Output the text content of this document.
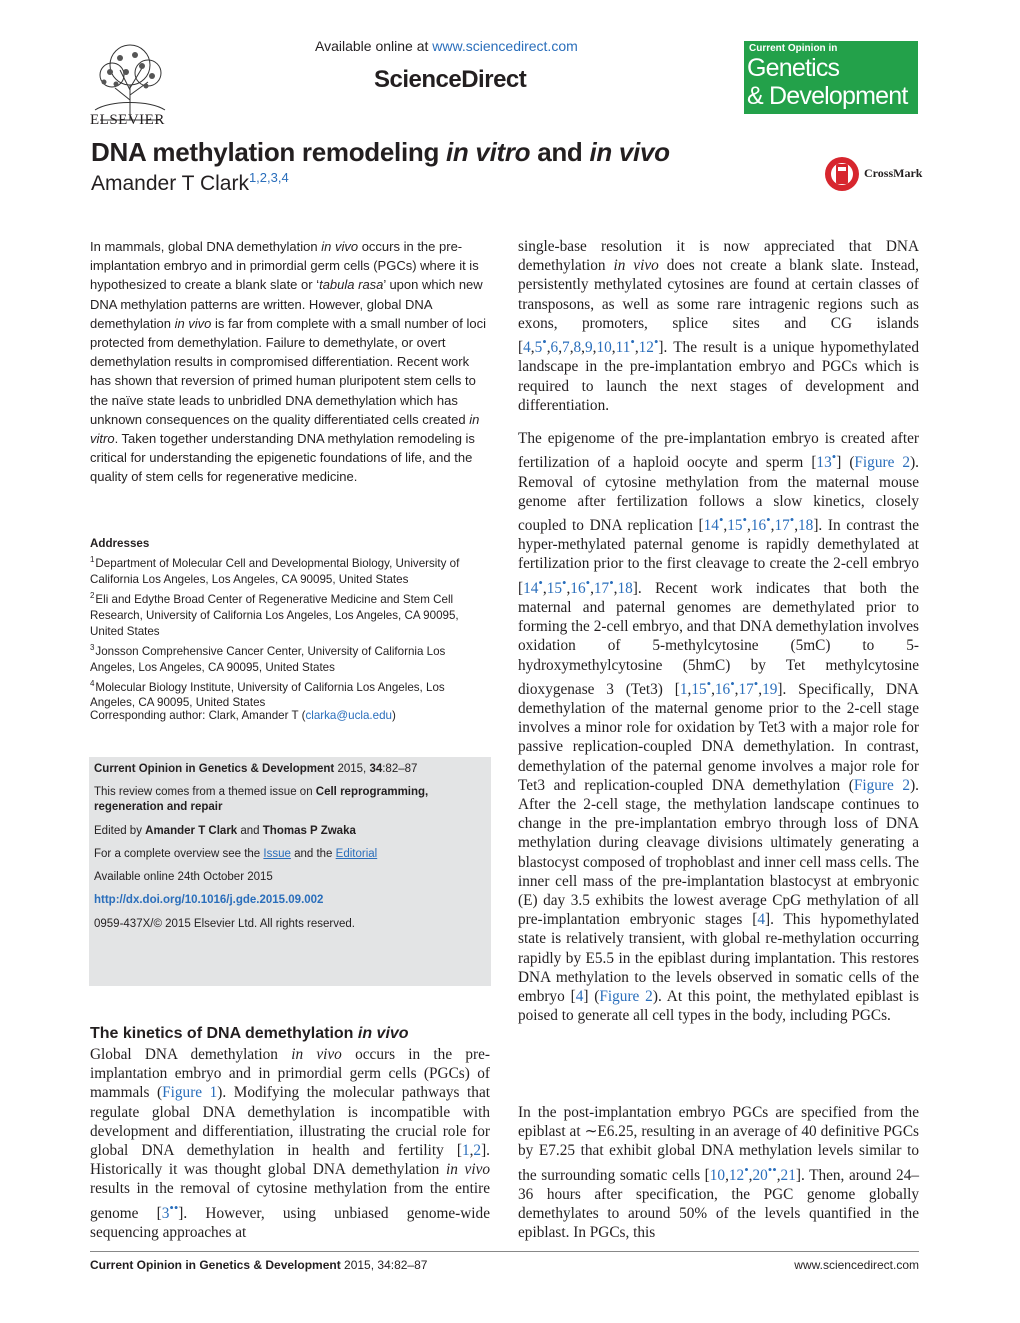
ELSEVIER
Available online at www.sciencedirect.com
ScienceDirect
Current Opinion in
Genetics
& Development
DNA methylation remodeling in vitro and in vivo
Amander T Clark$^{1,2,3,4}$	CrossMark
In mammals, global DNA demethylation in vivo occurs in the pre-implantation embryo and in primordial germ cells (PGCs) where it is hypothesized to create a blank slate or ‘tabula rasa’ upon which new DNA methylation patterns are written. However, global DNA demethylation in vivo is far from complete with a small number of loci protected from demethylation. Failure to demethylate, or overt demethylation results in compromised differentiation. Recent work has shown that reversion of primed human pluripotent stem cells to the naïve state leads to unbridled DNA demethylation which has unknown consequences on the quality differentiated cells created in vitro. Taken together understanding DNA methylation remodeling is critical for understanding the epigenetic foundations of life, and the quality of stem cells for regenerative medicine.
Addresses

$^1$ Department of Molecular Cell and Developmental Biology, University of California Los Angeles, Los Angeles, CA 90095, United States

$^2$ Eli and Edythe Broad Center of Regenerative Medicine and Stem Cell Research, University of California Los Angeles, Los Angeles, CA 90095, United States

$^3$ Jonsson Comprehensive Cancer Center, University of California Los Angeles, Los Angeles, CA 90095, United States

$^4$ Molecular Biology Institute, University of California Los Angeles, Los Angeles, CA 90095, United States

Corresponding author: Clark, Amander T (clarka@ucla.edu)
Current Opinion in Genetics & Development 2015, 34:82–87
This review comes from a themed issue on Cell reprogramming, regeneration and repair
Edited by Amander T Clark and Thomas P Zwaka
For a complete overview see the Issue and the Editorial
Available online 24th October 2015
http://dx.doi.org/10.1016/j.gde.2015.09.002
0959-437X/© 2015 Elsevier Ltd. All rights reserved.
The kinetics of DNA demethylation in vivo

Global DNA demethylation in vivo occurs in the pre-implantation embryo and in primordial germ cells (PGCs) of mammals (Figure 1). Modifying the molecular pathways that regulate global DNA demethylation is incompatible with development and differentiation, illustrating the crucial role for global DNA demethylation in health and fertility [1,2]. Historically it was thought global DNA demethylation in vivo results in the removal of cytosine methylation from the entire genome [3••]. However, using unbiased genome-wide sequencing approaches at

single-base resolution it is now appreciated that DNA demethylation in vivo does not create a blank slate. Instead, persistently methylated cytosines are found at certain classes of transposons, as well as some rare intragenic regions such as exons, promoters, splice sites and CG islands [4,5•,6,7,8,9,10,11•,12•]. The result is a unique hypomethylated landscape in the pre-implantation embryo and PGCs which is required to launch the next stages of development and differentiation.

The epigenome of the pre-implantation embryo is created after fertilization of a haploid oocyte and sperm [13•] (Figure 2). Removal of cytosine methylation from the maternal mouse genome after fertilization follows a slow kinetics, closely coupled to DNA replication [14•,15•,16•,17•,18]. In contrast the hyper-methylated paternal genome is rapidly demethylated at fertilization prior to the first cleavage to create the 2-cell embryo [14•,15•,16•,17•,18]. Recent work indicates that both the maternal and paternal genomes are demethylated prior to forming the 2-cell embryo, and that DNA demethylation involves oxidation of 5-methylcytosine (5mC) to 5-hydroxymethylcytosine (5hmC) by Tet methylcytosine dioxygenase 3 (Tet3) [1,15•,16•,17•,19]. Specifically, DNA demethylation of the maternal genome prior to the 2-cell stage involves a minor role for oxidation by Tet3 with a major role for passive replication-coupled DNA demethylation. In contrast, demethylation of the paternal genome involves a major role for Tet3 and replication-coupled DNA demethylation (Figure 2). After the 2-cell stage, the methylation landscape continues to change in the pre-implantation embryo through loss of DNA methylation during cleavage divisions ultimately generating a blastocyst composed of trophoblast and inner cell mass cells. The inner cell mass of the pre-implantation blastocyst at embryonic (E) day 3.5 exhibits the lowest average CpG methylation of all pre-implantation embryonic stages [4]. This hypomethylated state is relatively transient, with global re-methylation occurring rapidly by E5.5 in the epiblast during implantation. This restores DNA methylation to the levels observed in somatic cells of the embryo [4] (Figure 2). At this point, the methylated epiblast is poised to generate all cell types in the body, including PGCs.

In the post-implantation embryo PGCs are specified from the epiblast at ∼E6.25, resulting in an average of 40 definitive PGCs by E7.25 that exhibit global DNA methylation levels similar to the surrounding somatic cells [10,12•,20••,21]. Then, around 24–36 hours after specification, the PGC genome globally demethylates to around 50% of the levels quantified in the epiblast. In PGCs, this

Current Opinion in Genetics & Development 2015, 34:82–87	www.sciencedirect.com
